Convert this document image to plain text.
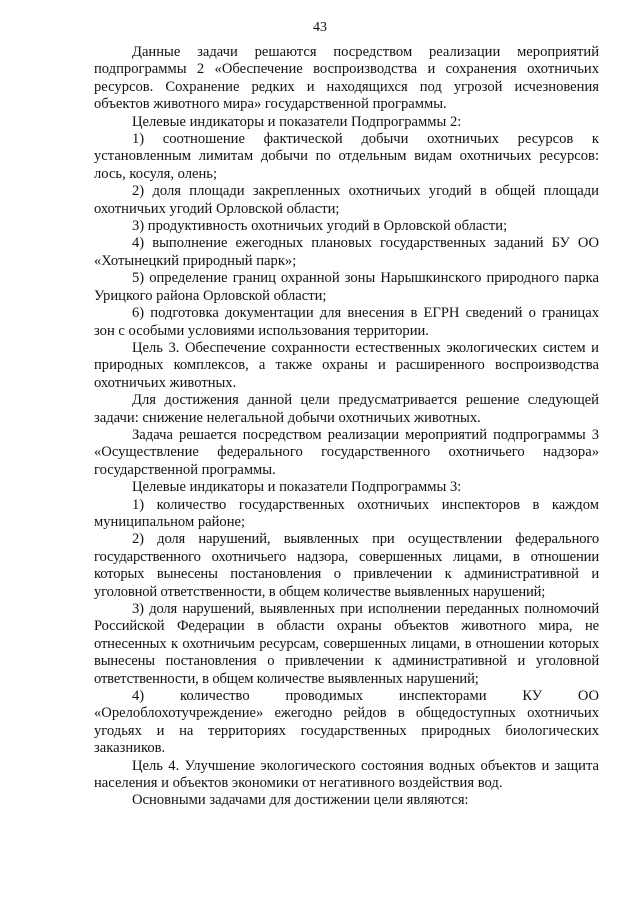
43

Данные задачи решаются посредством реализации мероприятий подпрограммы 2 «Обеспечение воспроизводства и сохранения охотничьих ресурсов. Сохранение редких и находящихся под угрозой исчезновения объектов животного мира» государственной программы.

Целевые индикаторы и показатели Подпрограммы 2:

1) соотношение фактической добычи охотничьих ресурсов к установленным лимитам добычи по отдельным видам охотничьих ресурсов: лось, косуля, олень;

2) доля площади закрепленных охотничьих угодий в общей площади охотничьих угодий Орловской области;

3) продуктивность охотничьих угодий в Орловской области;

4) выполнение ежегодных плановых государственных заданий БУ ОО «Хотынецкий природный парк»;

5) определение границ охранной зоны Нарышкинского природного парка Урицкого района Орловской области;

6) подготовка документации для внесения в ЕГРН сведений о границах зон с особыми условиями использования территории.

Цель 3. Обеспечение сохранности естественных экологических систем и природных комплексов, а также охраны и расширенного воспроизводства охотничьих животных.

Для достижения данной цели предусматривается решение следующей задачи: снижение нелегальной добычи охотничьих животных.

Задача решается посредством реализации мероприятий подпрограммы 3 «Осуществление федерального государственного охотничьего надзора» государственной программы.

Целевые индикаторы и показатели Подпрограммы 3:

1) количество государственных охотничьих инспекторов в каждом муниципальном районе;

2) доля нарушений, выявленных при осуществлении федерального государственного охотничьего надзора, совершенных лицами, в отношении которых вынесены постановления о привлечении к административной и уголовной ответственности, в общем количестве выявленных нарушений;

3) доля нарушений, выявленных при исполнении переданных полномочий Российской Федерации в области охраны объектов животного мира, не отнесенных к охотничьим ресурсам, совершенных лицами, в отношении которых вынесены постановления о привлечении к административной и уголовной ответственности, в общем количестве выявленных нарушений;

4) количество проводимых инспекторами КУ ОО «Орелоблохотучреждение» ежегодно рейдов в общедоступных охотничьих угодьях и на территориях государственных природных биологических заказников.

Цель 4. Улучшение экологического состояния водных объектов и защита населения и объектов экономики от негативного воздействия вод.

Основными задачами для достижении цели являются:
